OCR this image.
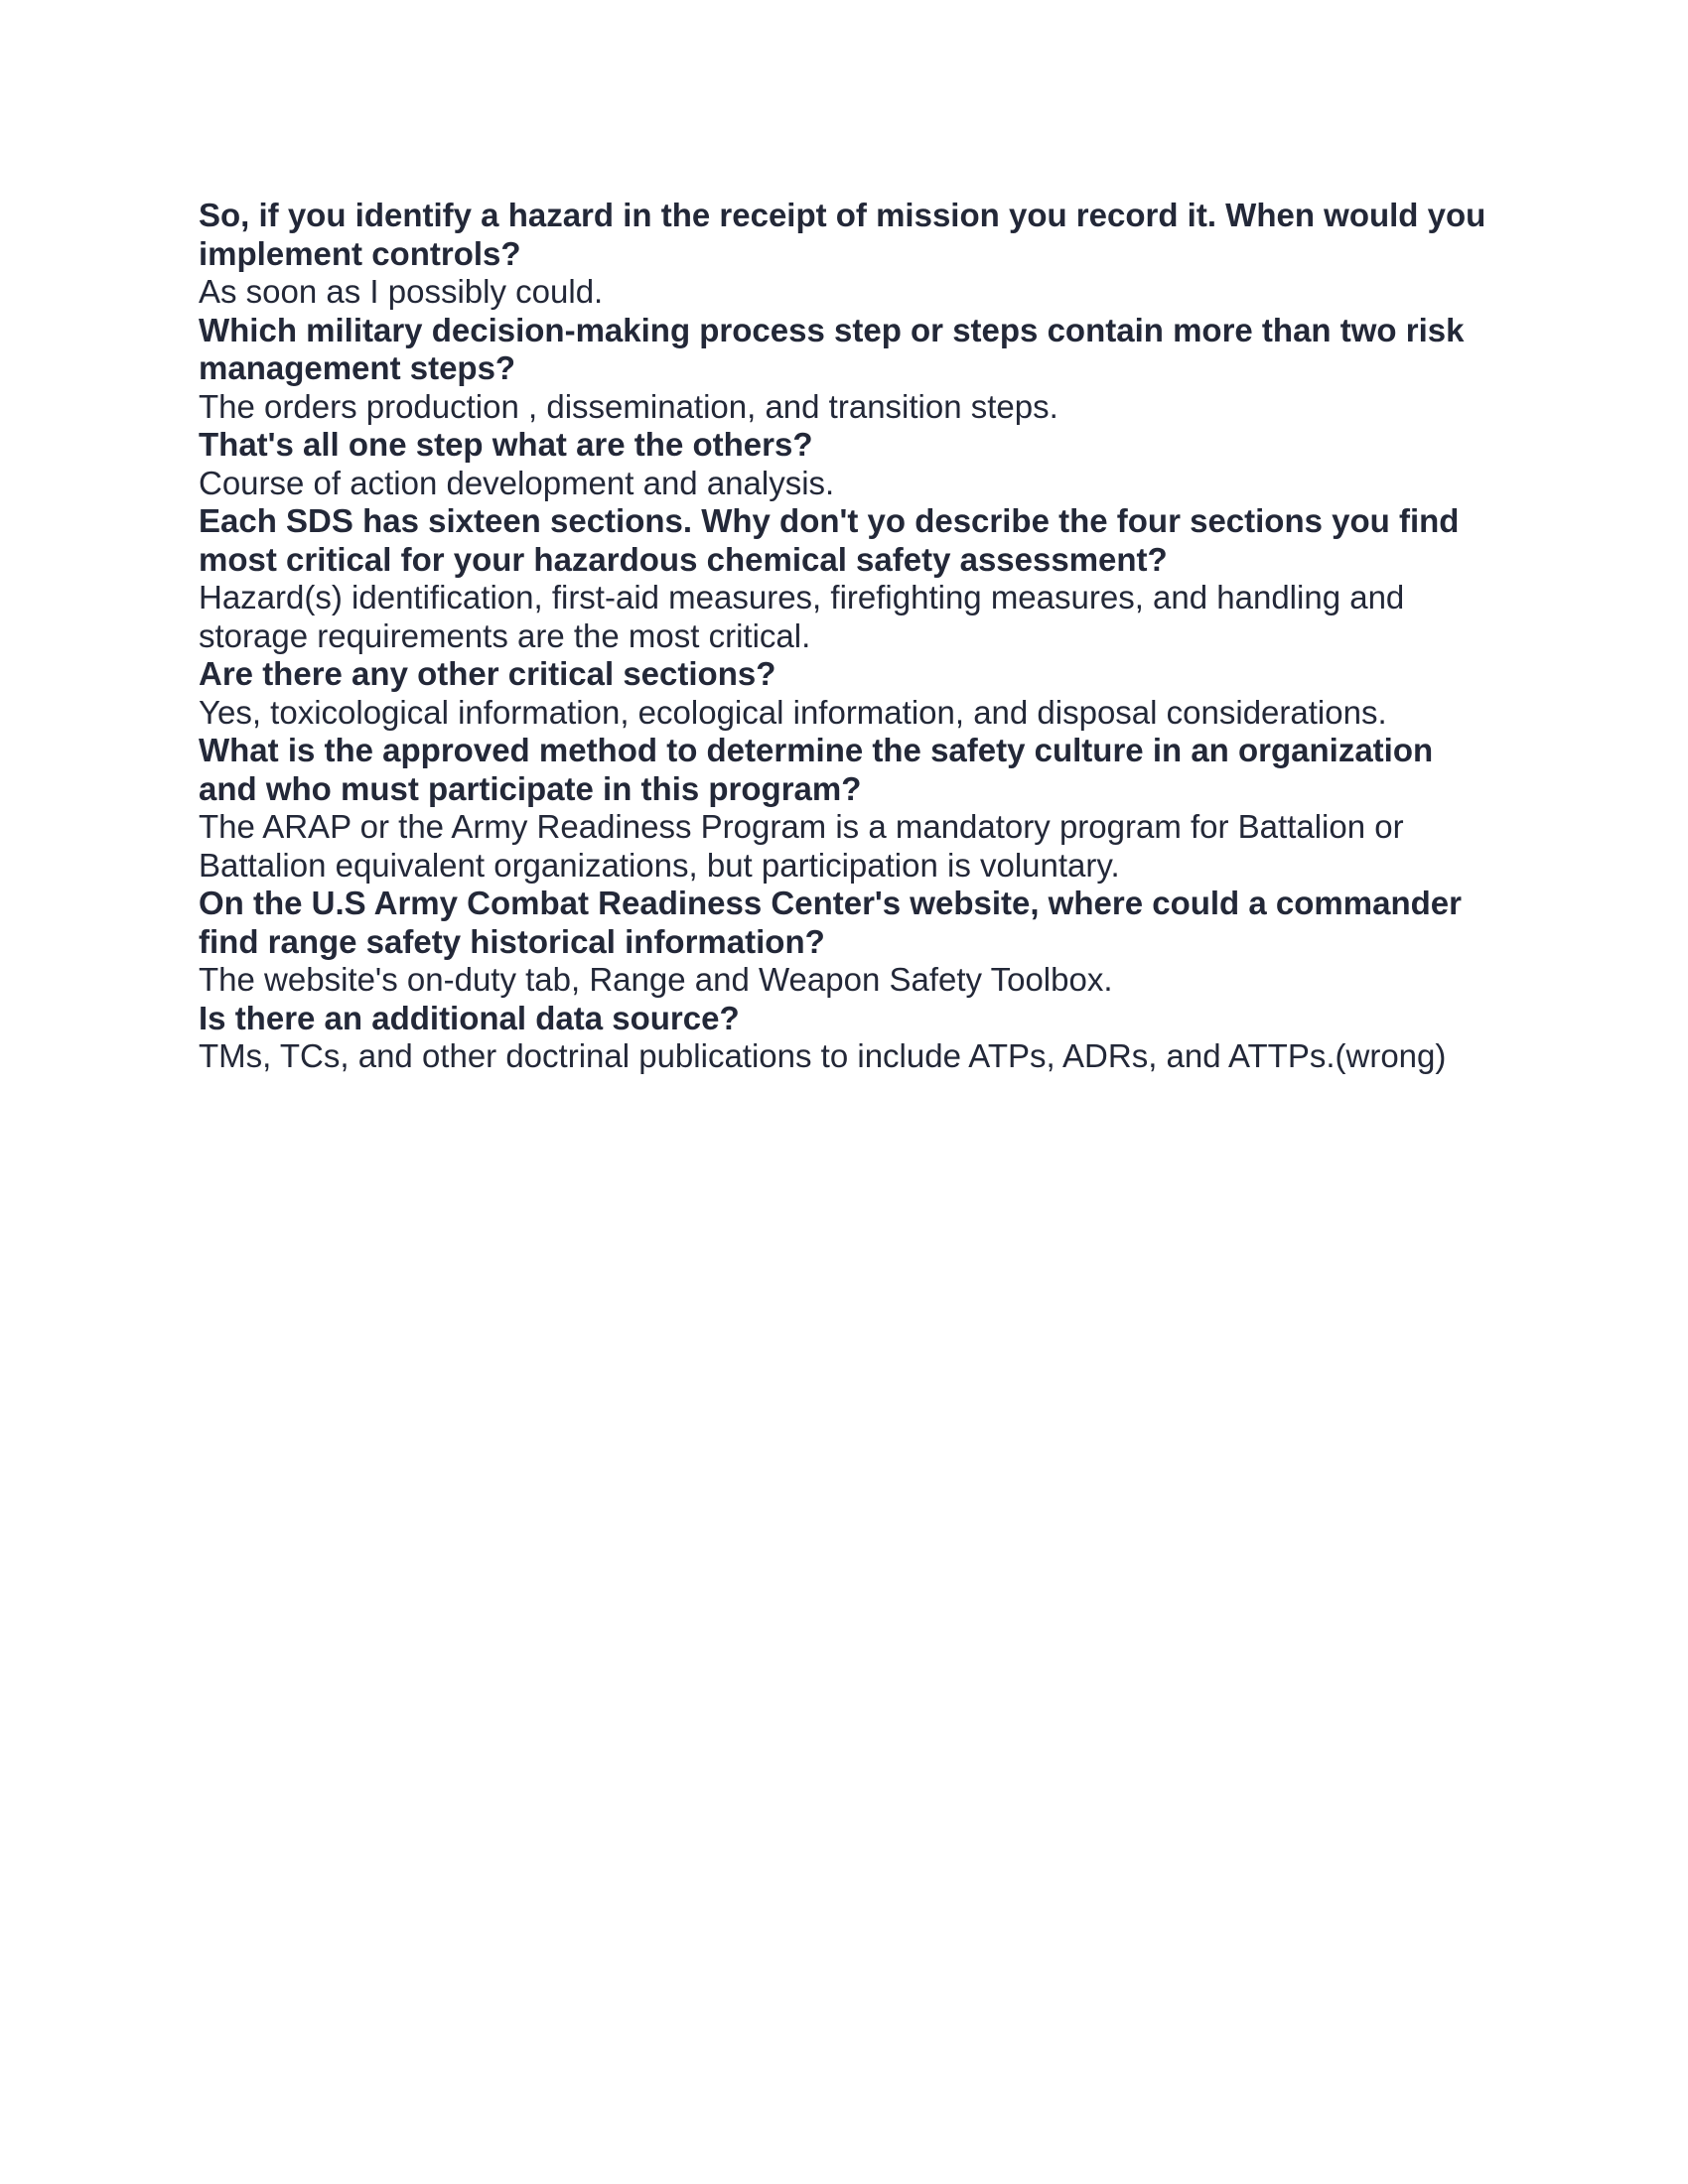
So, if you identify a hazard in the receipt of mission you record it. When would you implement controls?

As soon as I possibly could.

Which military decision-making process step or steps contain more than two risk management steps?

The orders production , dissemination, and transition steps.

That's all one step what are the others?

Course of action development and analysis.

Each SDS has sixteen sections. Why don't yo describe the four sections you find most critical for your hazardous chemical safety assessment?

Hazard(s) identification, first-aid measures, firefighting measures, and handling and storage requirements are the most critical.

Are there any other critical sections?

Yes, toxicological information, ecological information, and disposal considerations.

What is the approved method to determine the safety culture in an organization and who must participate in this program?

The ARAP or the Army Readiness Program is a mandatory program for Battalion or Battalion equivalent organizations, but participation is voluntary.

On the U.S Army Combat Readiness Center's website, where could a commander find range safety historical information?

The website's on-duty tab, Range and Weapon Safety Toolbox.

Is there an additional data source?

TMs, TCs, and other doctrinal publications to include ATPs, ADRs, and ATTPs.(wrong)
